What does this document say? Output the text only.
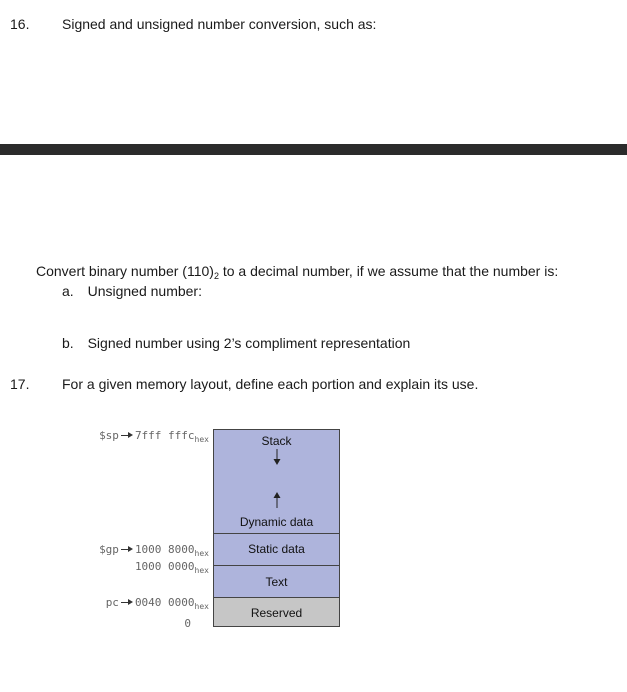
16. Signed and unsigned number conversion, such as:
Convert binary number $(110)_2$ to a decimal number, if we assume that the number is:
a. Unsigned number:
b. Signed number using 2’s compliment representation
17. For a given memory layout, define each portion and explain its use.
Stack
Dynamic data
Static data
Text
Reserved
$sp 7fff fffc$_{hex}$
$gp 1000 $8000_{hex}$
1000 $0000_{hex}$
pc 0040 $0000_{hex}$
0
